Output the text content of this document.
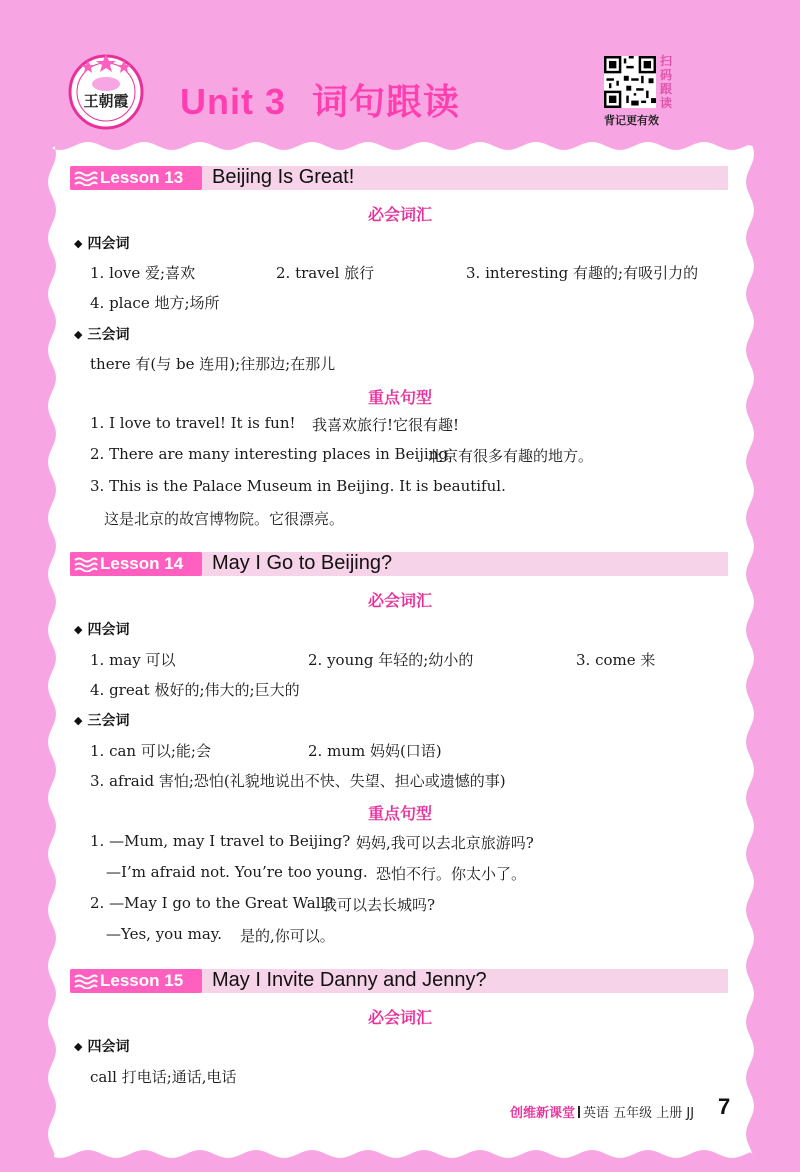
王朝霞 Unit 3 词句跟读
扫
码
跟
读
背记更有效
Lesson 13 Beijing Is Great!
必会词汇
◆ 四会词
1. love 爱;喜欢	2. travel 旅行	3. interesting 有趣的;有吸引力的
4. place 地方;场所
◆ 三会词
there 有(与 be 连用);往那边;在那儿
重点句型
1. I love to travel! It is fun! 我喜欢旅行!它很有趣!
2. There are many interesting places in Beijing.
北京有很多有趣的地方。
3. This is the Palace Museum in Beijing. It is beautiful.
这是北京的故宫博物院。它很漂亮。
Lesson 14 May I Go to Beijing?
必会词汇
◆ 四会词
1. may 可以	2. young 年轻的;幼小的	3. come 来
4. great 极好的;伟大的;巨大的
◆ 三会词
1. can 可以;能;会	2. mum 妈妈(口语)
3. afraid 害怕;恐怕(礼貌地说出不快、失望、担心或遗憾的事)
重点句型
1. —Mum, may I travel to Beijing? 妈妈,我可以去北京旅游吗?
—I’m afraid not. You’re too young. 恐怕不行。你太小了。
2. —May I go to the Great Wall?
我可以去长城吗?
—Yes, you may. 是的,你可以。
Lesson 15 May I Invite Danny and Jenny?
必会词汇
◆ 四会词
call 打电话;通话,电话
创维新课堂 英语 五年级 上册 JJ 7
